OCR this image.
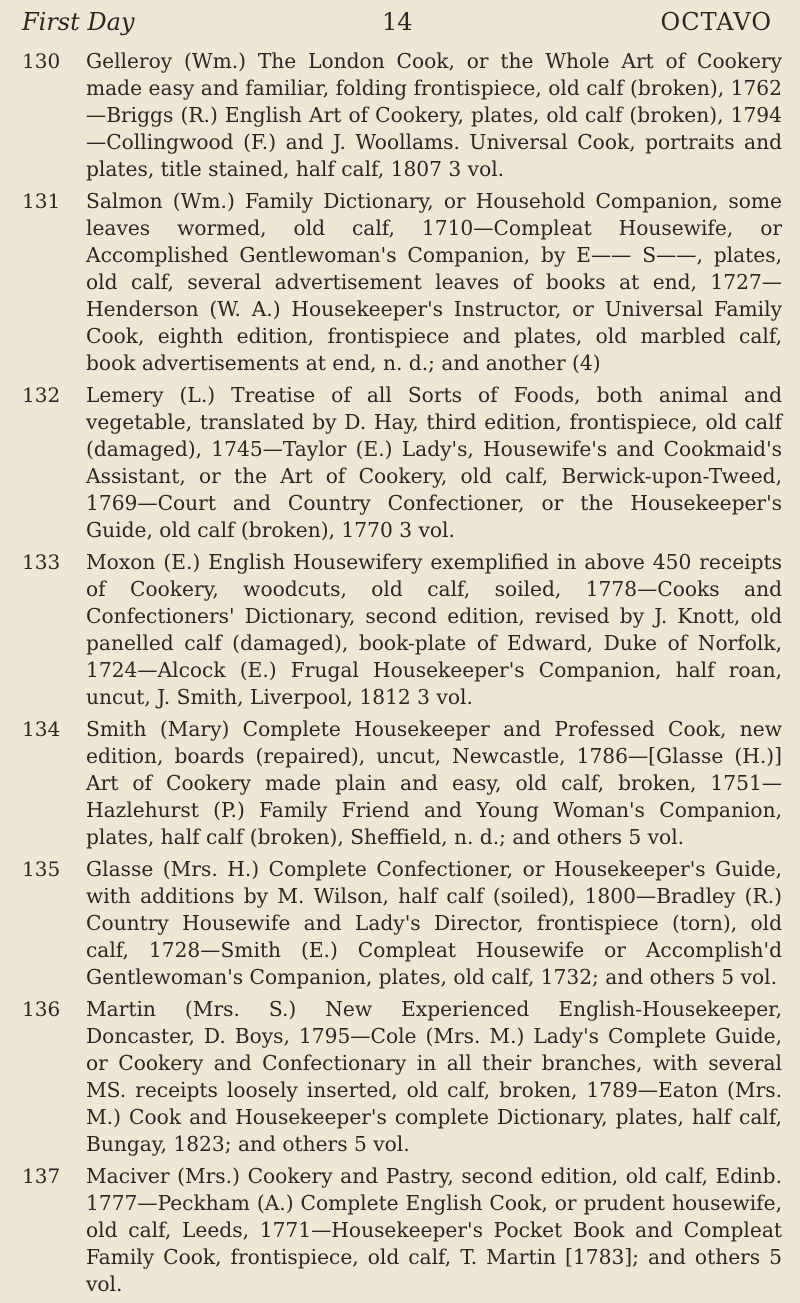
First Day	14	OCTAVO
130 Gelleroy (Wm.) The London Cook, or the Whole Art of Cookery made easy and familiar, folding frontispiece, old calf (broken), 1762—Briggs (R.) English Art of Cookery, plates, old calf (broken), 1794—Collingwood (F.) and J. Woollams. Universal Cook, portraits and plates, title stained, half calf, 1807 3 vol.
131 Salmon (Wm.) Family Dictionary, or Household Companion, some leaves wormed, old calf, 1710—Compleat Housewife, or Accomplished Gentlewoman's Companion, by E—— S——, plates, old calf, several advertisement leaves of books at end, 1727—Henderson (W. A.) Housekeeper's Instructor, or Universal Family Cook, eighth edition, frontispiece and plates, old marbled calf, book advertisements at end, n. d.; and another (4)
132 Lemery (L.) Treatise of all Sorts of Foods, both animal and vegetable, translated by D. Hay, third edition, frontispiece, old calf (damaged), 1745—Taylor (E.) Lady's, Housewife's and Cookmaid's Assistant, or the Art of Cookery, old calf, Berwick-upon-Tweed, 1769—Court and Country Confectioner, or the Housekeeper's Guide, old calf (broken), 1770 3 vol.
133 Moxon (E.) English Housewifery exemplified in above 450 receipts of Cookery, woodcuts, old calf, soiled, 1778—Cooks and Confectioners' Dictionary, second edition, revised by J. Knott, old panelled calf (damaged), book-plate of Edward, Duke of Norfolk, 1724—Alcock (E.) Frugal Housekeeper's Companion, half roan, uncut, J. Smith, Liverpool, 1812 3 vol.
134 Smith (Mary) Complete Housekeeper and Professed Cook, new edition, boards (repaired), uncut, Newcastle, 1786—[Glasse (H.)] Art of Cookery made plain and easy, old calf, broken, 1751—Hazlehurst (P.) Family Friend and Young Woman's Companion, plates, half calf (broken), Sheffield, n. d.; and others 5 vol.
135 Glasse (Mrs. H.) Complete Confectioner, or Housekeeper's Guide, with additions by M. Wilson, half calf (soiled), 1800—Bradley (R.) Country Housewife and Lady's Director, frontispiece (torn), old calf, 1728—Smith (E.) Compleat Housewife or Accomplish'd Gentlewoman's Companion, plates, old calf, 1732; and others 5 vol.
136 Martin (Mrs. S.) New Experienced English-Housekeeper, Doncaster, D. Boys, 1795—Cole (Mrs. M.) Lady's Complete Guide, or Cookery and Confectionary in all their branches, with several MS. receipts loosely inserted, old calf, broken, 1789—Eaton (Mrs. M.) Cook and Housekeeper's complete Dictionary, plates, half calf, Bungay, 1823; and others 5 vol.
137 Maciver (Mrs.) Cookery and Pastry, second edition, old calf, Edinb. 1777—Peckham (A.) Complete English Cook, or prudent housewife, old calf, Leeds, 1771—Housekeeper's Pocket Book and Compleat Family Cook, frontispiece, old calf, T. Martin [1783]; and others 5 vol.
